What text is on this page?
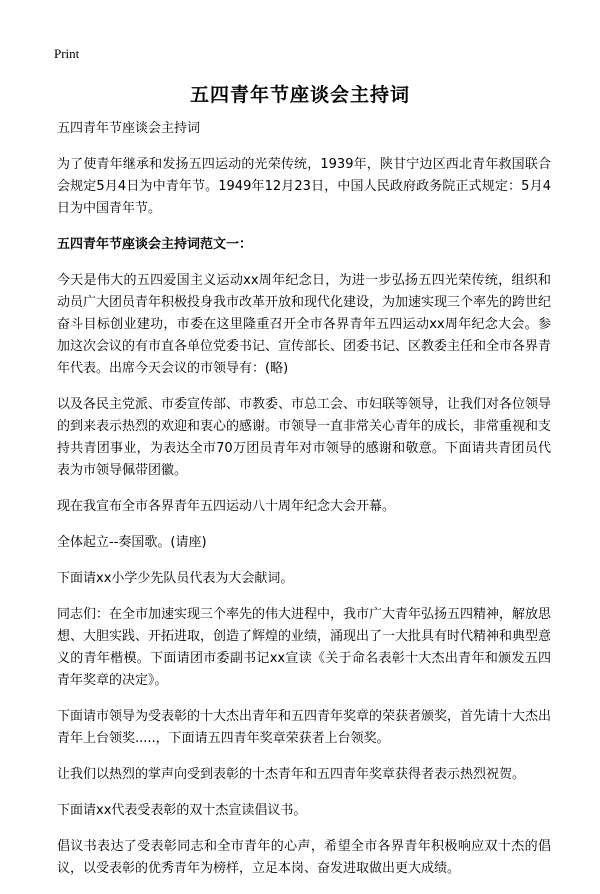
Print
五四青年节座谈会主持词

五四青年节座谈会主持词

为了使青年继承和发扬五四运动的光荣传统，1939年，陕甘宁边区西北青年救国联合会规定5月4日为中青年节。1949年12月23日，中国人民政府政务院正式规定：5月4日为中国青年节。

五四青年节座谈会主持词范文一：

今天是伟大的五四爱国主义运动xx周年纪念日，为进一步弘扬五四光荣传统，组织和动员广大团员青年积极投身我市改革开放和现代化建设，为加速实现三个率先的跨世纪奋斗目标创业建功，市委在这里隆重召开全市各界青年五四运动xx周年纪念大会。参加这次会议的有市直各单位党委书记、宣传部长、团委书记、区教委主任和全市各界青年代表。出席今天会议的市领导有：(略)

以及各民主党派、市委宣传部、市教委、市总工会、市妇联等领导，让我们对各位领导的到来表示热烈的欢迎和衷心的感谢。市领导一直非常关心青年的成长，非常重视和支持共青团事业，为表达全市70万团员青年对市领导的感谢和敬意。下面请共青团员代表为市领导佩带团徽。

现在我宣布全市各界青年五四运动八十周年纪念大会开幕。

全体起立--奏国歌。(请座)

下面请xx小学少先队员代表为大会献词。

同志们：在全市加速实现三个率先的伟大进程中，我市广大青年弘扬五四精神，解放思想、大胆实践、开拓进取，创造了辉煌的业绩，涌现出了一大批具有时代精神和典型意义的青年楷模。下面请团市委副书记xx宣读《关于命名表彰十大杰出青年和颁发五四青年奖章的决定》。

下面请市领导为受表彰的十大杰出青年和五四青年奖章的荣获者颁奖，首先请十大杰出青年上台领奖.....，下面请五四青年奖章荣获者上台领奖。

让我们以热烈的掌声向受到表彰的十杰青年和五四青年奖章获得者表示热烈祝贺。

下面请xx代表受表彰的双十杰宣读倡议书。

倡议书表达了受表彰同志和全市青年的心声，希望全市各界青年积极响应双十杰的倡议，以受表彰的优秀青年为榜样，立足本岗、奋发进取做出更大成绩。
